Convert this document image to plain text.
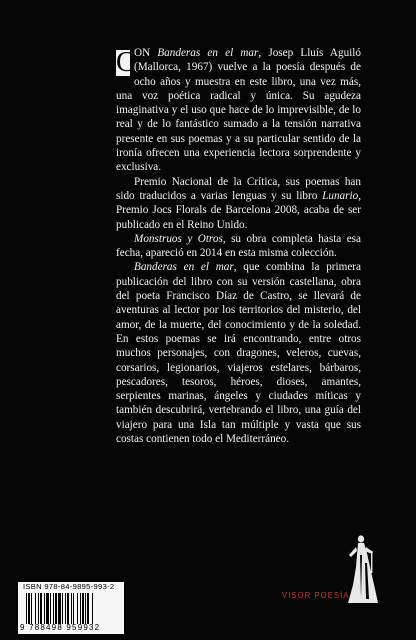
C ON Banderas en el mar, Josep Lluís Aguiló (Mallorca, 1967) vuelve a la poesía después de ocho años y muestra en este libro, una vez más, una voz poética radical y única. Su agudeza imaginativa y el uso que hace de lo imprevisible, de lo real y de lo fantástico sumado a la tensión narrativa presente en sus poemas y a su particular sentido de la ironía ofrecen una experiencia lectora sorprendente y exclusiva.

Premio Nacional de la Crítica, sus poemas han sido traducidos a varias lenguas y su libro Lunario, Premio Jocs Florals de Barcelona 2008, acaba de ser publicado en el Reino Unido.

Monstruos y Otros, su obra completa hasta esa fecha, apareció en 2014 en esta misma colección.

Banderas en el mar, que combina la primera publicación del libro con su versión castellana, obra del poeta Francisco Díaz de Castro, se llevará de aventuras al lector por los territorios del misterio, del amor, de la muerte, del conocimiento y de la soledad. En estos poemas se irá encontrando, entre otros muchos personajes, con dragones, veleros, cuevas, corsarios, legionarios, viajeros estelares, bárbaros, pescadores, tesoros, héroes, dioses, amantes, serpientes marinas, ángeles y ciudades míticas y también descubrirá, vertebrando el libro, una guía del viajero para una Isla tan múltiple y vasta que sus costas contienen todo el Mediterráneo.

ISBN 978-84-9895-993-2
9 788498 959932
VISOR POESÍA
